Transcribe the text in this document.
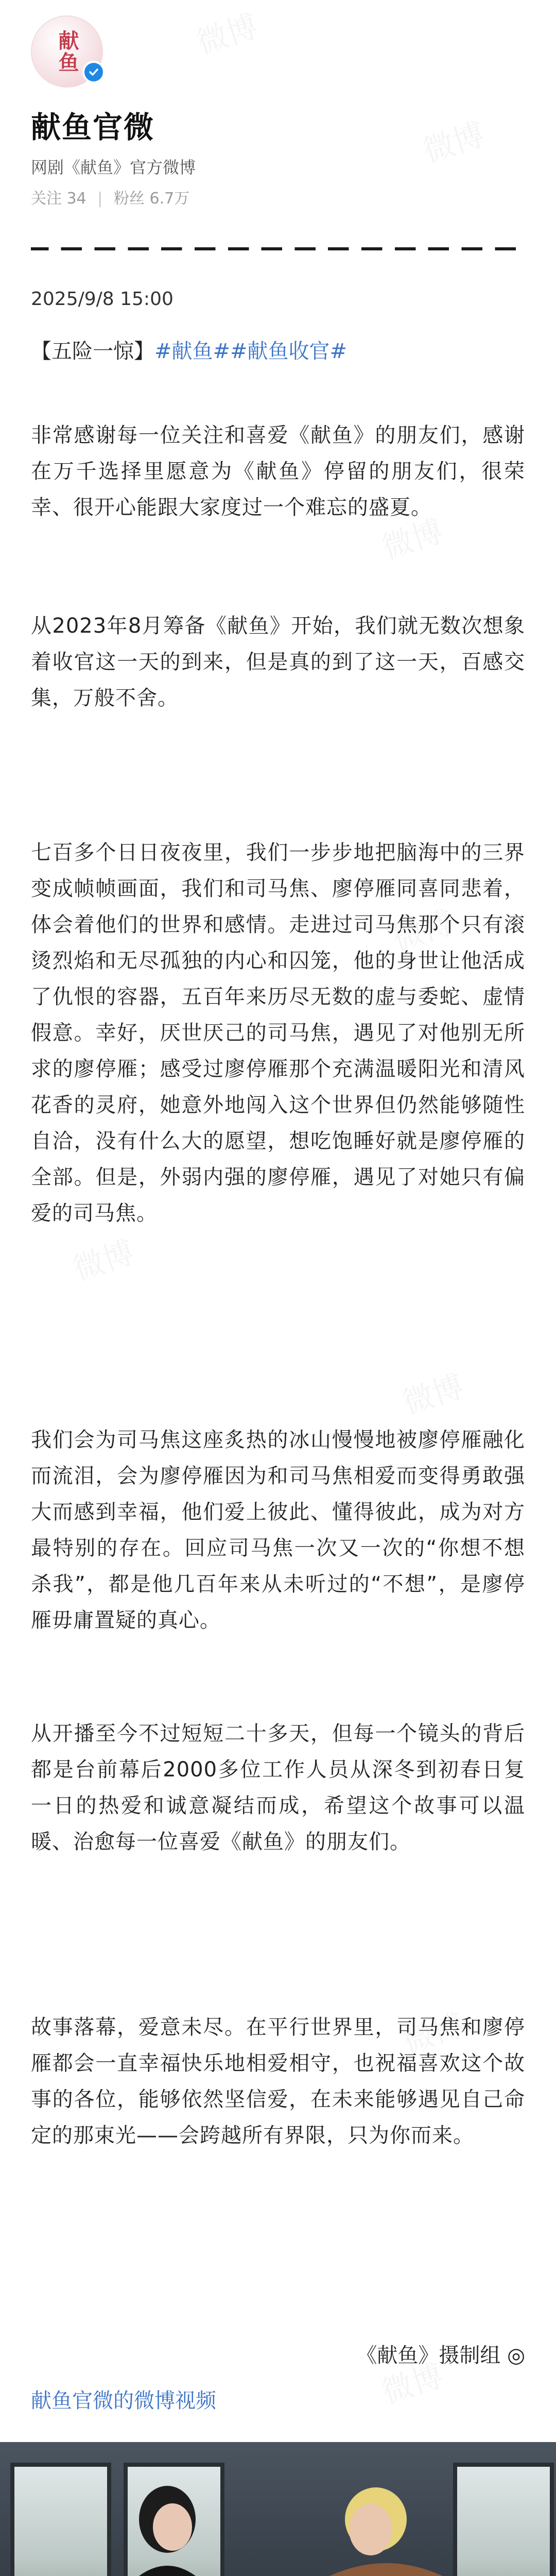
献鱼
献鱼官微
网剧《献鱼》官方微博
关注 34 | 粉丝 6.7万
2025/9/8 15:00
【五险一惊】#献鱼##献鱼收官#
非常感谢每一位关注和喜爱《献鱼》的朋友们，感谢在万千选择里愿意为《献鱼》停留的朋友们，很荣幸、很开心能跟大家度过一个难忘的盛夏。
从2023年8月筹备《献鱼》开始，我们就无数次想象着收官这一天的到来，但是真的到了这一天，百感交集，万般不舍。
七百多个日日夜夜里，我们一步步地把脑海中的三界变成帧帧画面，我们和司马焦、廖停雁同喜同悲着，体会着他们的世界和感情。走进过司马焦那个只有滚烫烈焰和无尽孤独的内心和囚笼，他的身世让他活成了仇恨的容器，五百年来历尽无数的虚与委蛇、虚情假意。幸好，厌世厌己的司马焦，遇见了对他别无所求的廖停雁；感受过廖停雁那个充满温暖阳光和清风花香的灵府，她意外地闯入这个世界但仍然能够随性自洽，没有什么大的愿望，想吃饱睡好就是廖停雁的全部。但是，外弱内强的廖停雁，遇见了对她只有偏爱的司马焦。
我们会为司马焦这座炙热的冰山慢慢地被廖停雁融化而流泪，会为廖停雁因为和司马焦相爱而变得勇敢强大而感到幸福，他们爱上彼此、懂得彼此，成为对方最特别的存在。回应司马焦一次又一次的“你想不想杀我”，都是他几百年来从未听过的“不想”，是廖停雁毋庸置疑的真心。
从开播至今不过短短二十多天，但每一个镜头的背后都是台前幕后2000多位工作人员从深冬到初春日复一日的热爱和诚意凝结而成，希望这个故事可以温暖、治愈每一位喜爱《献鱼》的朋友们。
故事落幕，爱意未尽。在平行世界里，司马焦和廖停雁都会一直幸福快乐地相爱相守，也祝福喜欢这个故事的各位，能够依然坚信爱，在未来能够遇见自己命定的那束光——会跨越所有界限，只为你而来。
《献鱼》摄制组 ◎
献鱼官微的微博视频
